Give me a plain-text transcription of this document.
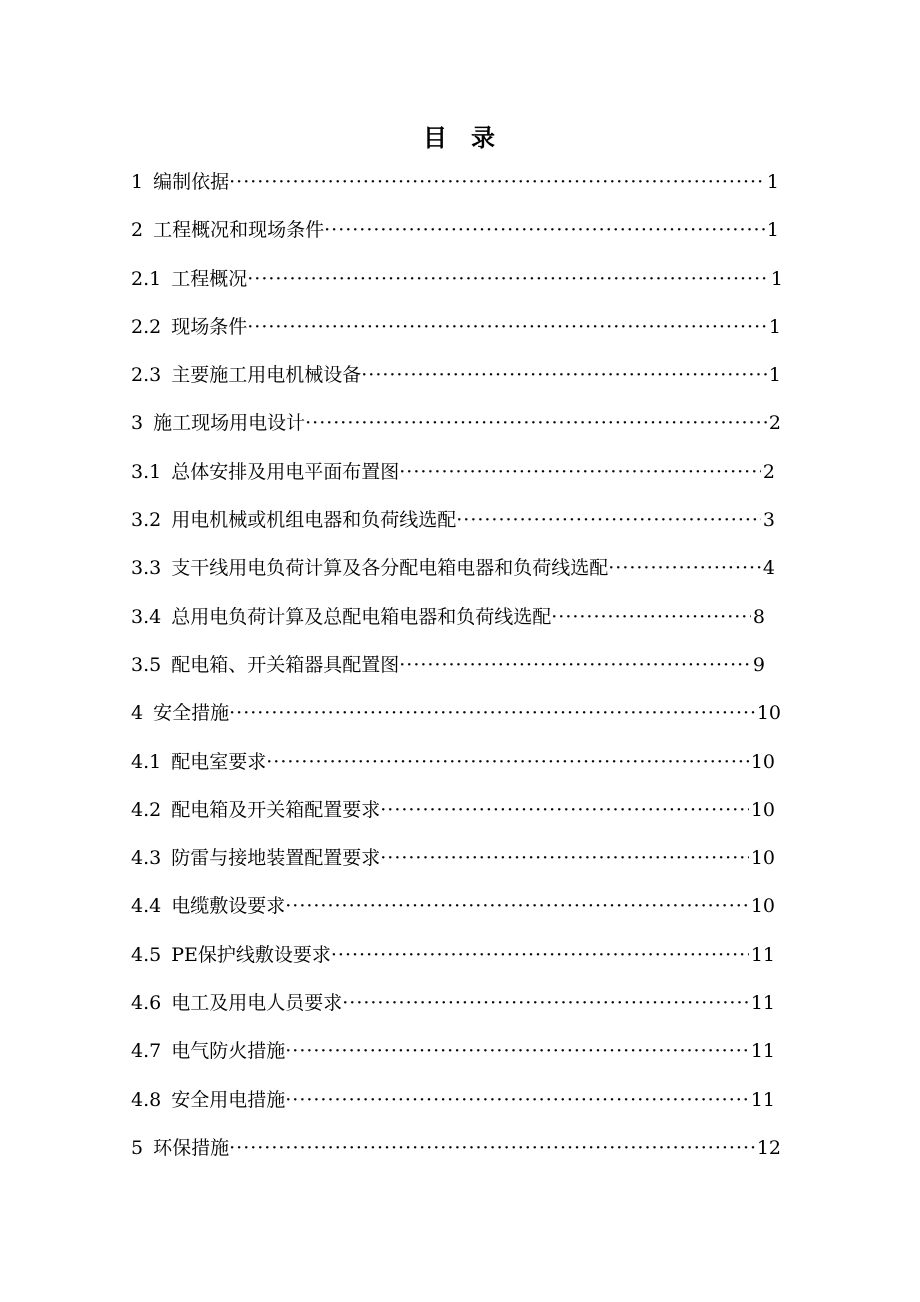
目 录
1 编制依据 ·····	1
2 工程概况和现场条件 ·····	1
2.1 工程概况 ·····	1
2.2 现场条件 ·····	1
2.3 主要施工用电机械设备 ·····	1
3 施工现场用电设计 ·····	2
3.1 总体安排及用电平面布置图 ·····	2
3.2 用电机械或机组电器和负荷线选配 ·····	3
3.3 支干线用电负荷计算及各分配电箱电器和负荷线选配 ·····	4
3.4 总用电负荷计算及总配电箱电器和负荷线选配 ·····	8
3.5 配电箱、开关箱器具配置图 ·····	9
4 安全措施 ·····	10
4.1 配电室要求 ·····	10
4.2 配电箱及开关箱配置要求 ·····	10
4.3 防雷与接地装置配置要求 ·····	10
4.4 电缆敷设要求 ·····	10
4.5 PE保护线敷设要求 ·····	11
4.6 电工及用电人员要求 ·····	11
4.7 电气防火措施 ·····	11
4.8 安全用电措施 ·····	11
5 环保措施 ·····	12
